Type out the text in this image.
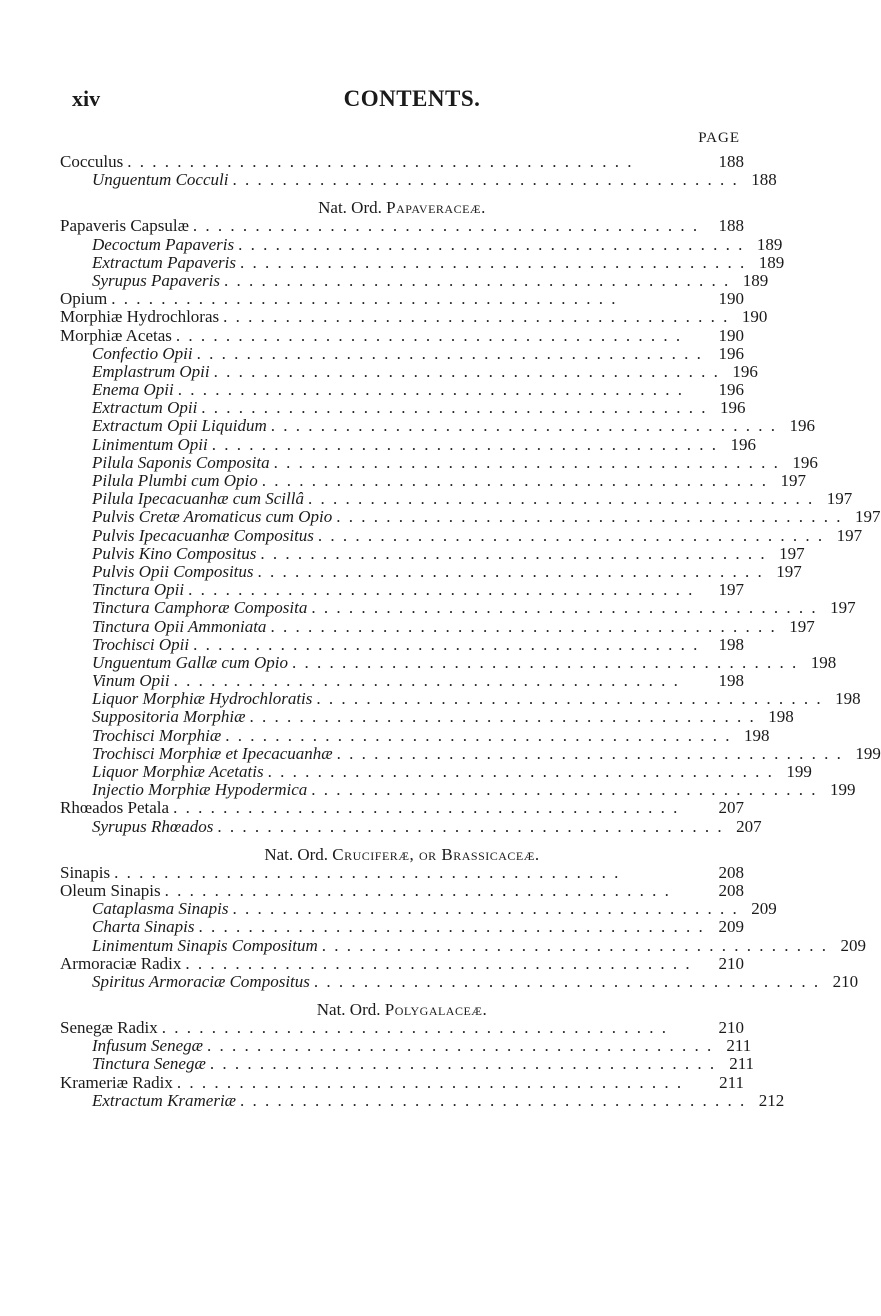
xiv	CONTENTS.
PAGE
Cocculus . . . . . . . . . . . . . . . . . . . . . . . . . . . . . . . . . . . . . . . . .	188
Unguentum Cocculi . . . . . . . . . . . . . . . . . . . . . . . . . . . . . . . . . . . . . . . . . 188
Nat. Ord. Papaveraceæ.
Papaveris Capsulæ . . . . . . . . . . . . . . . . . . . . . . . . . . . . . . . . . . . . . . . . .	188
Decoctum Papaveris . . . . . . . . . . . . . . . . . . . . . . . . . . . . . . . . . . . . . . . . . 189
Extractum Papaveris . . . . . . . . . . . . . . . . . . . . . . . . . . . . . . . . . . . . . . . . . 189
Syrupus Papaveris . . . . . . . . . . . . . . . . . . . . . . . . . . . . . . . . . . . . . . . . . 189
Opium . . . . . . . . . . . . . . . . . . . . . . . . . . . . . . . . . . . . . . . . .	190
Morphiæ Hydrochloras . . . . . . . . . . . . . . . . . . . . . . . . . . . . . . . . . . . . . . . . . 190
Morphiæ Acetas . . . . . . . . . . . . . . . . . . . . . . . . . . . . . . . . . . . . . . . . .	190
Confectio Opii . . . . . . . . . . . . . . . . . . . . . . . . . . . . . . . . . . . . . . . . . 196
Emplastrum Opii . . . . . . . . . . . . . . . . . . . . . . . . . . . . . . . . . . . . . . . . . 196
Enema Opii . . . . . . . . . . . . . . . . . . . . . . . . . . . . . . . . . . . . . . . . .	196
Extractum Opii . . . . . . . . . . . . . . . . . . . . . . . . . . . . . . . . . . . . . . . . . 196
Extractum Opii Liquidum . . . . . . . . . . . . . . . . . . . . . . . . . . . . . . . . . . . . . . . . . 196
Linimentum Opii . . . . . . . . . . . . . . . . . . . . . . . . . . . . . . . . . . . . . . . . . 196
Pilula Saponis Composita . . . . . . . . . . . . . . . . . . . . . . . . . . . . . . . . . . . . . . . . . 196
Pilula Plumbi cum Opio . . . . . . . . . . . . . . . . . . . . . . . . . . . . . . . . . . . . . . . . . 197
Pilula Ipecacuanhæ cum Scillâ . . . . . . . . . . . . . . . . . . . . . . . . . . . . . . . . . . . . . . . . . 197
Pulvis Cretæ Aromaticus cum Opio . . . . . . . . . . . . . . . . . . . . . . . . . . . . . . . . . . . . . . . . . 197
Pulvis Ipecacuanhæ Compositus . . . . . . . . . . . . . . . . . . . . . . . . . . . . . . . . . . . . . . . . . 197
Pulvis Kino Compositus . . . . . . . . . . . . . . . . . . . . . . . . . . . . . . . . . . . . . . . . . 197
Pulvis Opii Compositus . . . . . . . . . . . . . . . . . . . . . . . . . . . . . . . . . . . . . . . . . 197
Tinctura Opii . . . . . . . . . . . . . . . . . . . . . . . . . . . . . . . . . . . . . . . . .	197
Tinctura Camphoræ Composita . . . . . . . . . . . . . . . . . . . . . . . . . . . . . . . . . . . . . . . . . 197
Tinctura Opii Ammoniata . . . . . . . . . . . . . . . . . . . . . . . . . . . . . . . . . . . . . . . . . 197
Trochisci Opii . . . . . . . . . . . . . . . . . . . . . . . . . . . . . . . . . . . . . . . . .	198
Unguentum Gallæ cum Opio . . . . . . . . . . . . . . . . . . . . . . . . . . . . . . . . . . . . . . . . . 198
Vinum Opii . . . . . . . . . . . . . . . . . . . . . . . . . . . . . . . . . . . . . . . . .	198
Liquor Morphiæ Hydrochloratis . . . . . . . . . . . . . . . . . . . . . . . . . . . . . . . . . . . . . . . . . 198
Suppositoria Morphiæ . . . . . . . . . . . . . . . . . . . . . . . . . . . . . . . . . . . . . . . . . 198
Trochisci Morphiæ . . . . . . . . . . . . . . . . . . . . . . . . . . . . . . . . . . . . . . . . . 198
Trochisci Morphiæ et Ipecacuanhæ . . . . . . . . . . . . . . . . . . . . . . . . . . . . . . . . . . . . . . . . . 199
Liquor Morphiæ Acetatis . . . . . . . . . . . . . . . . . . . . . . . . . . . . . . . . . . . . . . . . . 199
Injectio Morphiæ Hypodermica . . . . . . . . . . . . . . . . . . . . . . . . . . . . . . . . . . . . . . . . . 199
Rhœados Petala . . . . . . . . . . . . . . . . . . . . . . . . . . . . . . . . . . . . . . . . .	207
Syrupus Rhœados . . . . . . . . . . . . . . . . . . . . . . . . . . . . . . . . . . . . . . . . . 207
Nat. Ord. Cruciferæ, or Brassicaceæ.
Sinapis . . . . . . . . . . . . . . . . . . . . . . . . . . . . . . . . . . . . . . . . .	208
Oleum Sinapis . . . . . . . . . . . . . . . . . . . . . . . . . . . . . . . . . . . . . . . . .	208
Cataplasma Sinapis . . . . . . . . . . . . . . . . . . . . . . . . . . . . . . . . . . . . . . . . . 209
Charta Sinapis . . . . . . . . . . . . . . . . . . . . . . . . . . . . . . . . . . . . . . . . . 209
Linimentum Sinapis Compositum . . . . . . . . . . . . . . . . . . . . . . . . . . . . . . . . . . . . . . . . . 209
Armoraciæ Radix . . . . . . . . . . . . . . . . . . . . . . . . . . . . . . . . . . . . . . . . .	210
Spiritus Armoraciæ Compositus . . . . . . . . . . . . . . . . . . . . . . . . . . . . . . . . . . . . . . . . . 210
Nat. Ord. Polygalaceæ.
Senegæ Radix . . . . . . . . . . . . . . . . . . . . . . . . . . . . . . . . . . . . . . . . .	210
Infusum Senegæ . . . . . . . . . . . . . . . . . . . . . . . . . . . . . . . . . . . . . . . . . 211
Tinctura Senegæ . . . . . . . . . . . . . . . . . . . . . . . . . . . . . . . . . . . . . . . . . 211
Krameriæ Radix . . . . . . . . . . . . . . . . . . . . . . . . . . . . . . . . . . . . . . . . .	211
Extractum Krameriæ . . . . . . . . . . . . . . . . . . . . . . . . . . . . . . . . . . . . . . . . . 212
